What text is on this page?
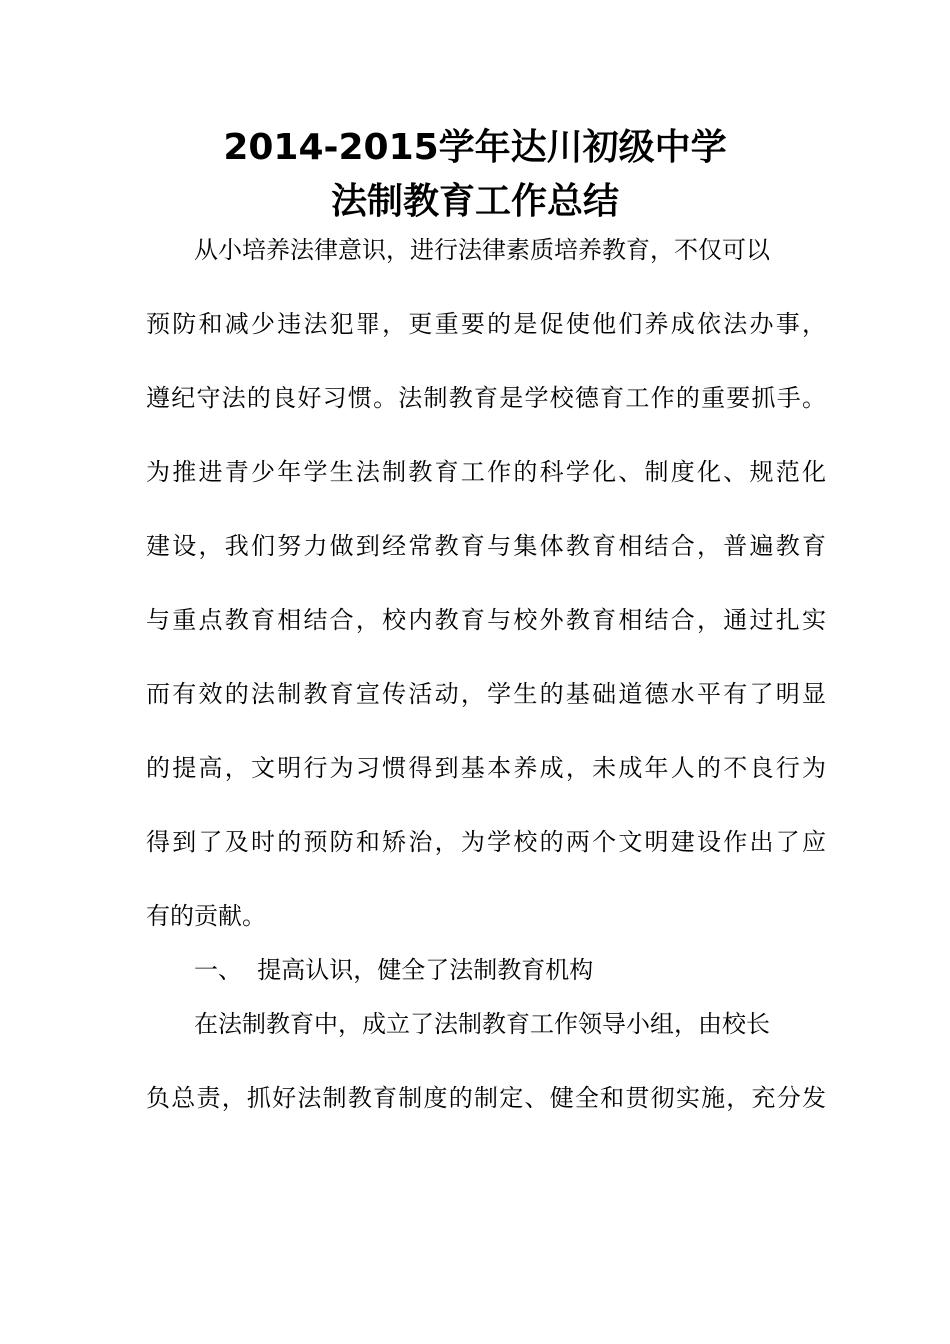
2014-2015学年达川初级中学
法制教育工作总结
从小培养法律意识，进行法律素质培养教育，不仅可以
预防和减少违法犯罪，更重要的是促使他们养成依法办事，
遵纪守法的良好习惯。法制教育是学校德育工作的重要抓手。
为推进青少年学生法制教育工作的科学化、制度化、规范化
建设，我们努力做到经常教育与集体教育相结合，普遍教育
与重点教育相结合，校内教育与校外教育相结合，通过扎实
而有效的法制教育宣传活动，学生的基础道德水平有了明显
的提高，文明行为习惯得到基本养成，未成年人的不良行为
得到了及时的预防和矫治，为学校的两个文明建设作出了应
有的贡献。
一、  提高认识，健全了法制教育机构
在法制教育中，成立了法制教育工作领导小组，由校长
负总责，抓好法制教育制度的制定、健全和贯彻实施，充分发
